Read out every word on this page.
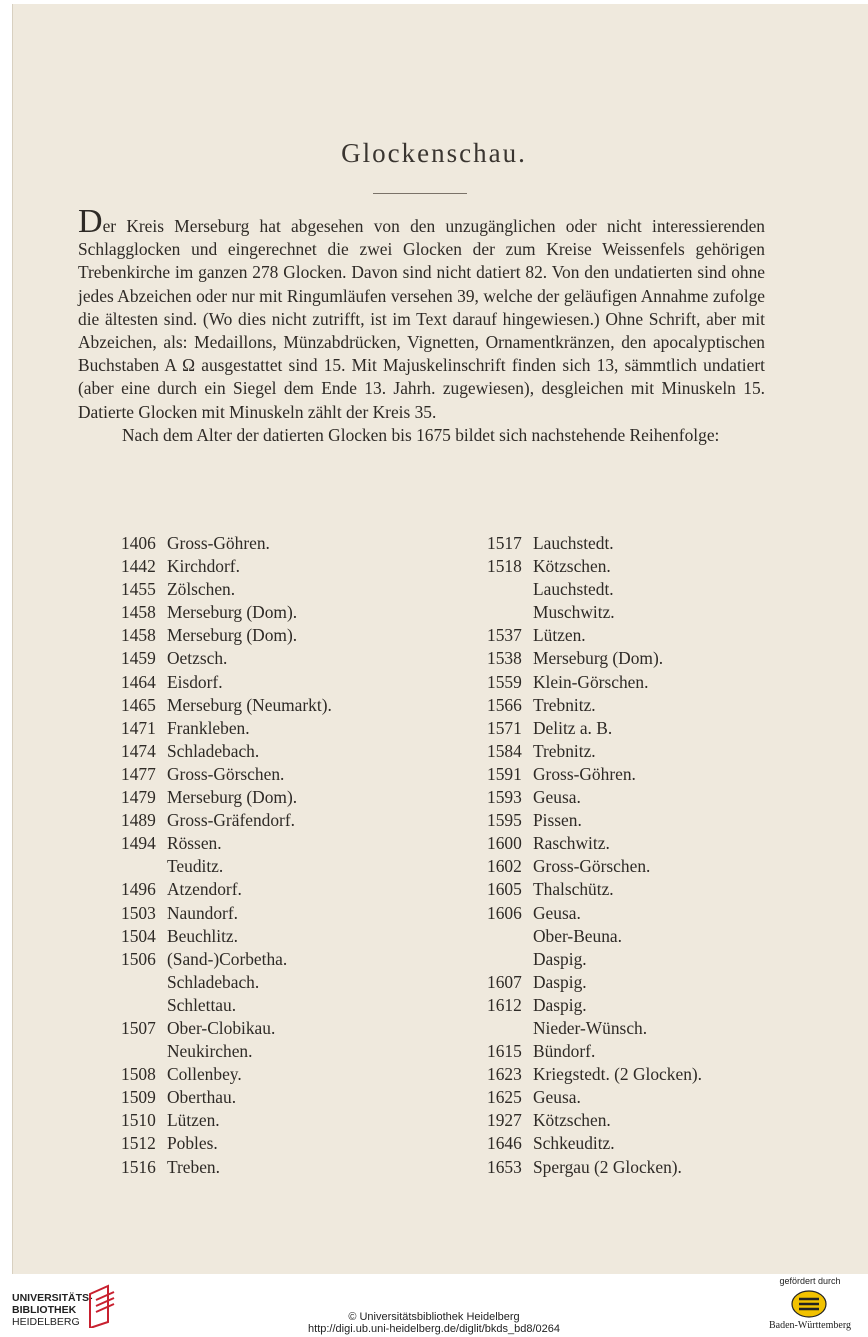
Glockenschau.

Der Kreis Merseburg hat abgesehen von den unzugänglichen oder nicht interessierenden Schlagglocken und eingerechnet die zwei Glocken der zum Kreise Weissenfels gehörigen Trebenkirche im ganzen 278 Glocken. Davon sind nicht datiert 82. Von den undatierten sind ohne jedes Abzeichen oder nur mit Ringumläufen versehen 39, welche der geläufigen Annahme zufolge die ältesten sind. (Wo dies nicht zutrifft, ist im Text darauf hingewiesen.) Ohne Schrift, aber mit Abzeichen, als: Medaillons, Münzabdrücken, Vignetten, Ornamentkränzen, den apocalyptischen Buchstaben A Ω ausgestattet sind 15. Mit Majuskelinschrift finden sich 13, sämmtlich undatiert (aber eine durch ein Siegel dem Ende 13. Jahrh. zugewiesen), desgleichen mit Minuskeln 15. Datierte Glocken mit Minuskeln zählt der Kreis 35.

Nach dem Alter der datierten Glocken bis 1675 bildet sich nachstehende Reihenfolge:

1406 Gross-Göhren.
1442 Kirchdorf.
1455 Zölschen.
1458 Merseburg (Dom).
1458 Merseburg (Dom).
1459 Oetzsch.
1464 Eisdorf.
1465 Merseburg (Neumarkt).
1471 Frankleben.
1474 Schladebach.
1477 Gross-Görschen.
1479 Merseburg (Dom).
1489 Gross-Gräfendorf.
1494 Rössen.
Teuditz.
1496 Atzendorf.
1503 Naundorf.
1504 Beuchlitz.
1506 (Sand-)Corbetha.
Schladebach.
Schlettau.
1507 Ober-Clobikau.
Neukirchen.
1508 Collenbey.
1509 Oberthau.
1510 Lützen.
1512 Pobles.
1516 Treben.
1517 Lauchstedt.
1518 Kötzschen.
Lauchstedt.
Muschwitz.
1537 Lützen.
1538 Merseburg (Dom).
1559 Klein-Görschen.
1566 Trebnitz.
1571 Delitz a. B.
1584 Trebnitz.
1591 Gross-Göhren.
1593 Geusa.
1595 Pissen.
1600 Raschwitz.
1602 Gross-Görschen.
1605 Thalschütz.
1606 Geusa.
Ober-Beuna.
Daspig.
1607 Daspig.
1612 Daspig.
Nieder-Wünsch.
1615 Bündorf.
1623 Kriegstedt. (2 Glocken).
1625 Geusa.
1927 Kötzschen.
1646 Schkeuditz.
1653 Spergau (2 Glocken).
UNIVERSITÄTS-
BIBLIOTHEK
HEIDELBERG	© Universitätsbibliothek Heidelberg
http://digi.ub.uni-heidelberg.de/diglit/bkds_bd8/0264
gefördert durch
Baden-Württemberg
